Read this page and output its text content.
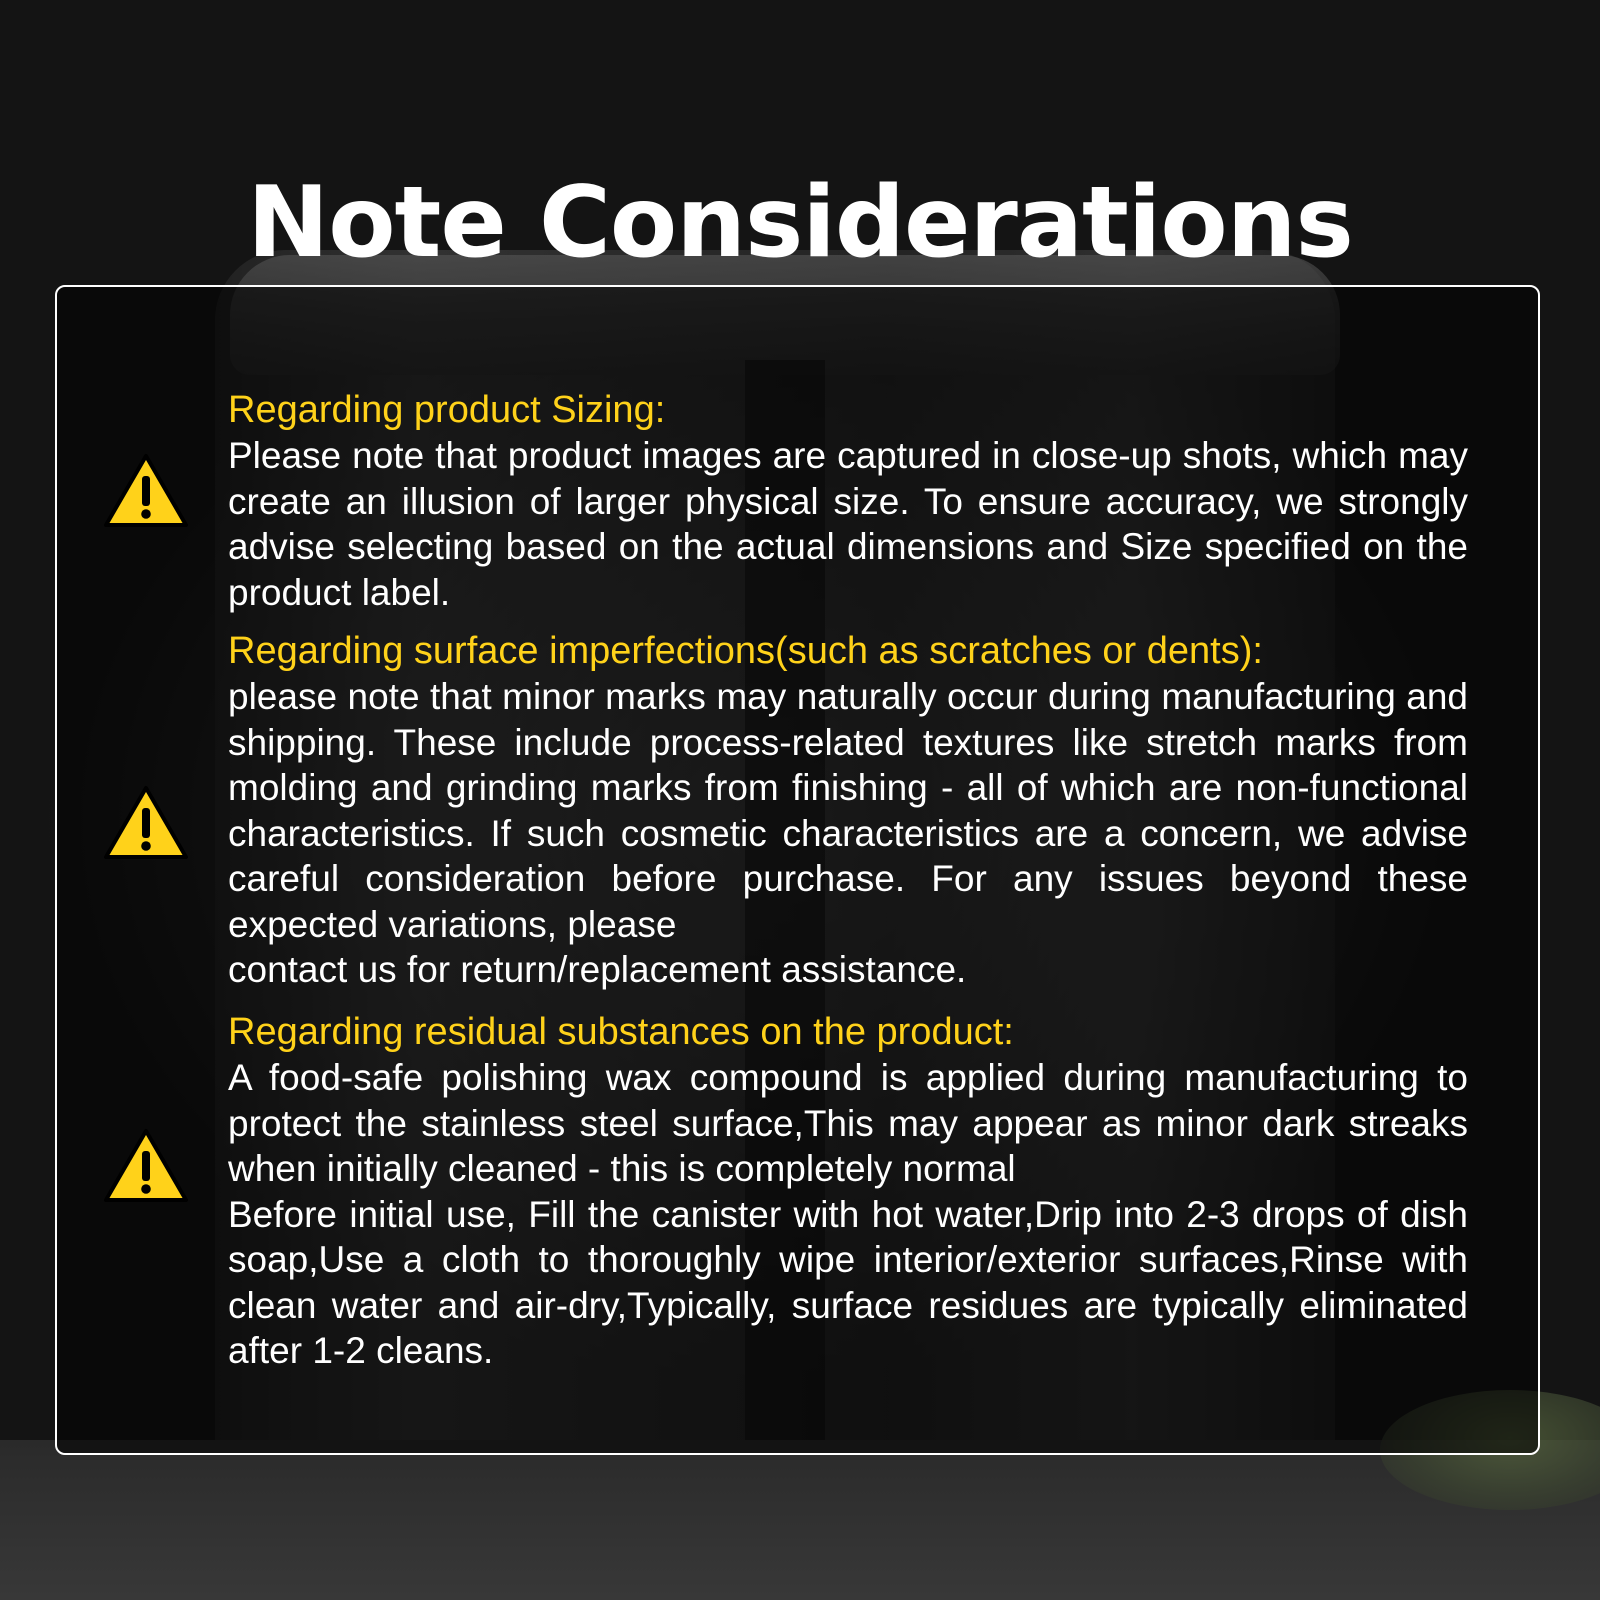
Note Considerations
Regarding product Sizing:

Please note that product images are captured in close-up shots, which may create an illusion of larger physical size. To ensure accuracy, we strongly advise selecting based on the actual dimensions and Size specified on the product label.

Regarding surface imperfections(such as scratches or dents):

please note that minor marks may naturally occur during manufacturing and shipping. These include process-related textures like stretch marks from molding and grinding marks from finishing - all of which are non-functional characteristics. If such cosmetic characteristics are a concern, we advise careful consideration before purchase. For any issues beyond these expected variations, please

contact us for return/replacement assistance.

Regarding residual substances on the product:

A food-safe polishing wax compound is applied during manufacturing to protect the stainless steel surface,This may appear as minor dark streaks when initially cleaned - this is completely normal

Before initial use, Fill the canister with hot water,Drip into 2-3 drops of dish soap,Use a cloth to thoroughly wipe interior/exterior surfaces,Rinse with clean water and air-dry,Typically, surface residues are typically eliminated after 1-2 cleans.
